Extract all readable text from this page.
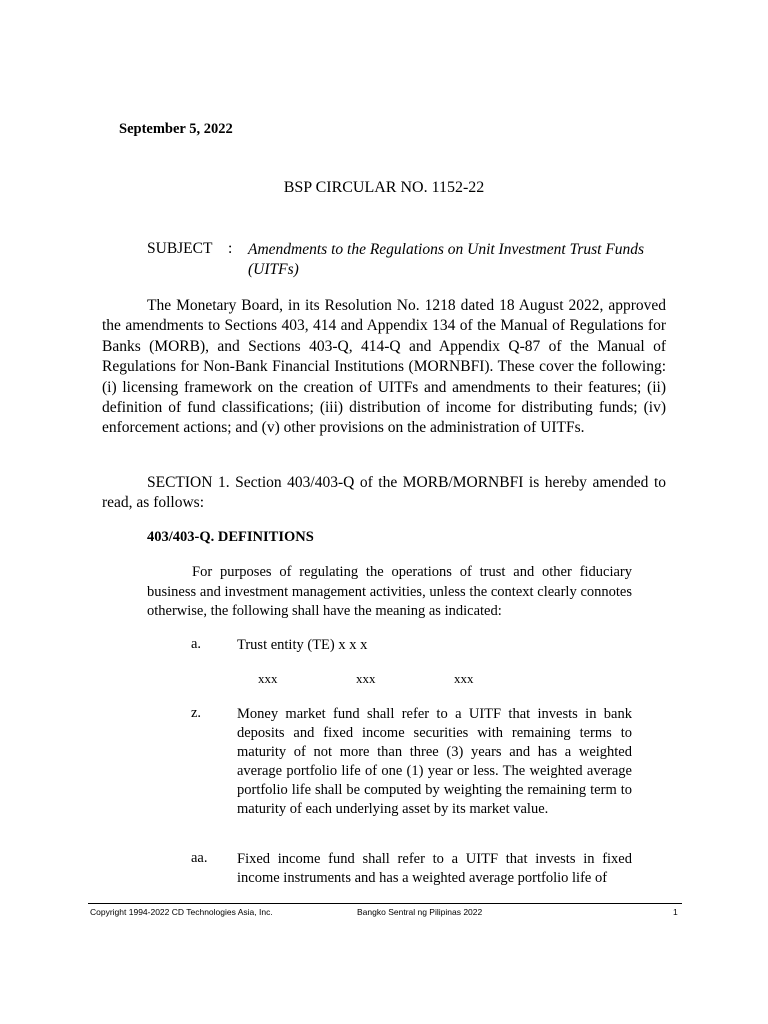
September 5, 2022
BSP CIRCULAR NO. 1152-22
SUBJECT : Amendments to the Regulations on Unit Investment Trust Funds (UITFs)
The Monetary Board, in its Resolution No. 1218 dated 18 August 2022, approved the amendments to Sections 403, 414 and Appendix 134 of the Manual of Regulations for Banks (MORB), and Sections 403-Q, 414-Q and Appendix Q-87 of the Manual of Regulations for Non-Bank Financial Institutions (MORNBFI). These cover the following: (i) licensing framework on the creation of UITFs and amendments to their features; (ii) definition of fund classifications; (iii) distribution of income for distributing funds; (iv) enforcement actions; and (v) other provisions on the administration of UITFs.
SECTION 1. Section 403/403-Q of the MORB/MORNBFI is hereby amended to read, as follows:
403/403-Q. DEFINITIONS
For purposes of regulating the operations of trust and other fiduciary business and investment management activities, unless the context clearly connotes otherwise, the following shall have the meaning as indicated:
a. Trust entity (TE) x x x
xxx	xxx	xxx
z. Money market fund shall refer to a UITF that invests in bank deposits and fixed income securities with remaining terms to maturity of not more than three (3) years and has a weighted average portfolio life of one (1) year or less. The weighted average portfolio life shall be computed by weighting the remaining term to maturity of each underlying asset by its market value.
aa. Fixed income fund shall refer to a UITF that invests in fixed income instruments and has a weighted average portfolio life of
Copyright 1994-2022 CD Technologies Asia, Inc.	Bangko Sentral ng Pilipinas 2022	1
